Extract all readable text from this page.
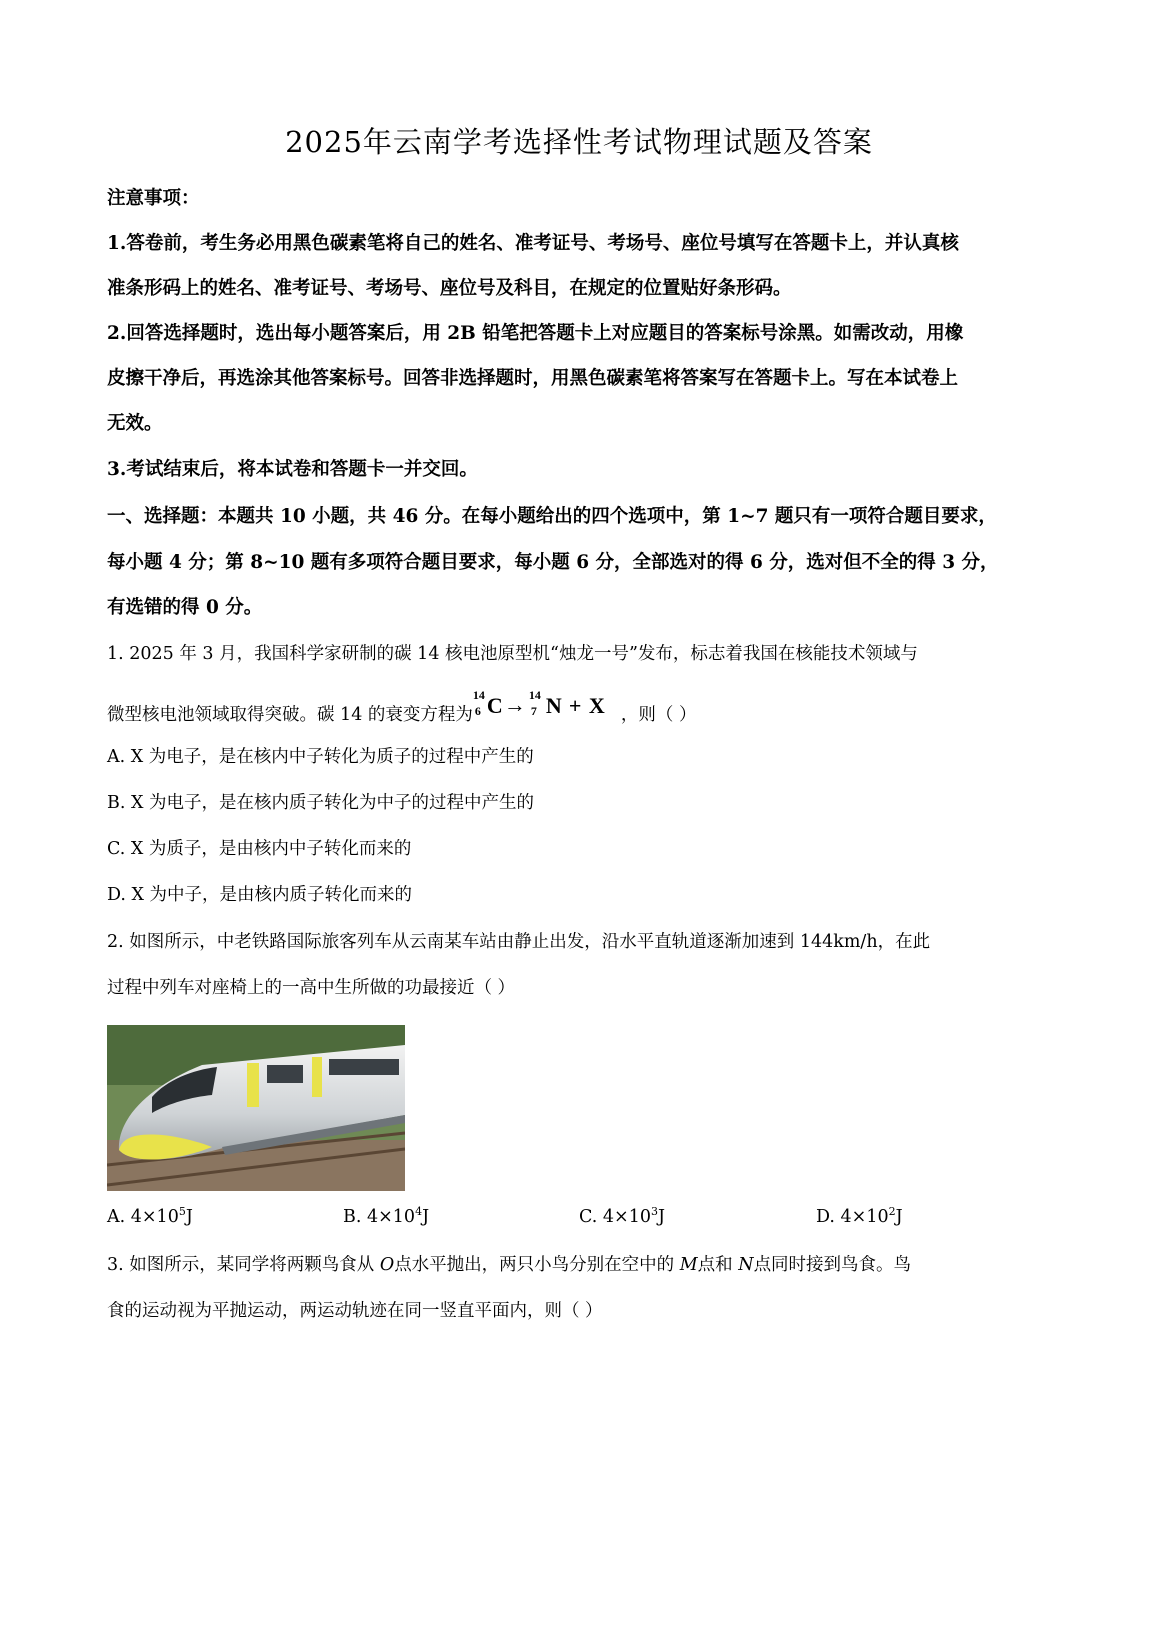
2025年云南学考选择性考试物理试题及答案
注意事项：
1.答卷前，考生务必用黑色碳素笔将自己的姓名、准考证号、考场号、座位号填写在答题卡上，并认真核
准条形码上的姓名、准考证号、考场号、座位号及科目，在规定的位置贴好条形码。
2.回答选择题时，选出每小题答案后，用 2B 铅笔把答题卡上对应题目的答案标号涂黑。如需改动，用橡
皮擦干净后，再选涂其他答案标号。回答非选择题时，用黑色碳素笔将答案写在答题卡上。写在本试卷上
无效。
3.考试结束后，将本试卷和答题卡一并交回。
一、选择题：本题共 10 小题，共 46 分。在每小题给出的四个选项中，第 1~7 题只有一项符合题目要求，
每小题 4 分；第 8~10 题有多项符合题目要求，每小题 6 分，全部选对的得 6 分，选对但不全的得 3 分，
有选错的得 0 分。
1. 2025 年 3 月，我国科学家研制的碳 14 核电池原型机“烛龙一号”发布，标志着我国在核能技术领域与
微型核电池领域取得突破。碳 14 的衰变方程为
14
6 C → 14
7 N + X ，则（ ）
A. X 为电子，是在核内中子转化为质子的过程中产生的
B. X 为电子，是在核内质子转化为中子的过程中产生的
C. X 为质子，是由核内中子转化而来的
D. X 为中子，是由核内质子转化而来的
2. 如图所示，中老铁路国际旅客列车从云南某车站由静止出发，沿水平直轨道逐渐加速到 144km/h，在此
过程中列车对座椅上的一高中生所做的功最接近（ ）
A. $4\times 10^5J$	B. $4\times 10^4J$	C. $4\times 10^3J$	D. $4\times 10^2J$
3. 如图所示，某同学将两颗鸟食从 O点水平抛出，两只小鸟分别在空中的 M点和 N点同时接到鸟食。鸟
食的运动视为平抛运动，两运动轨迹在同一竖直平面内，则（ ）
